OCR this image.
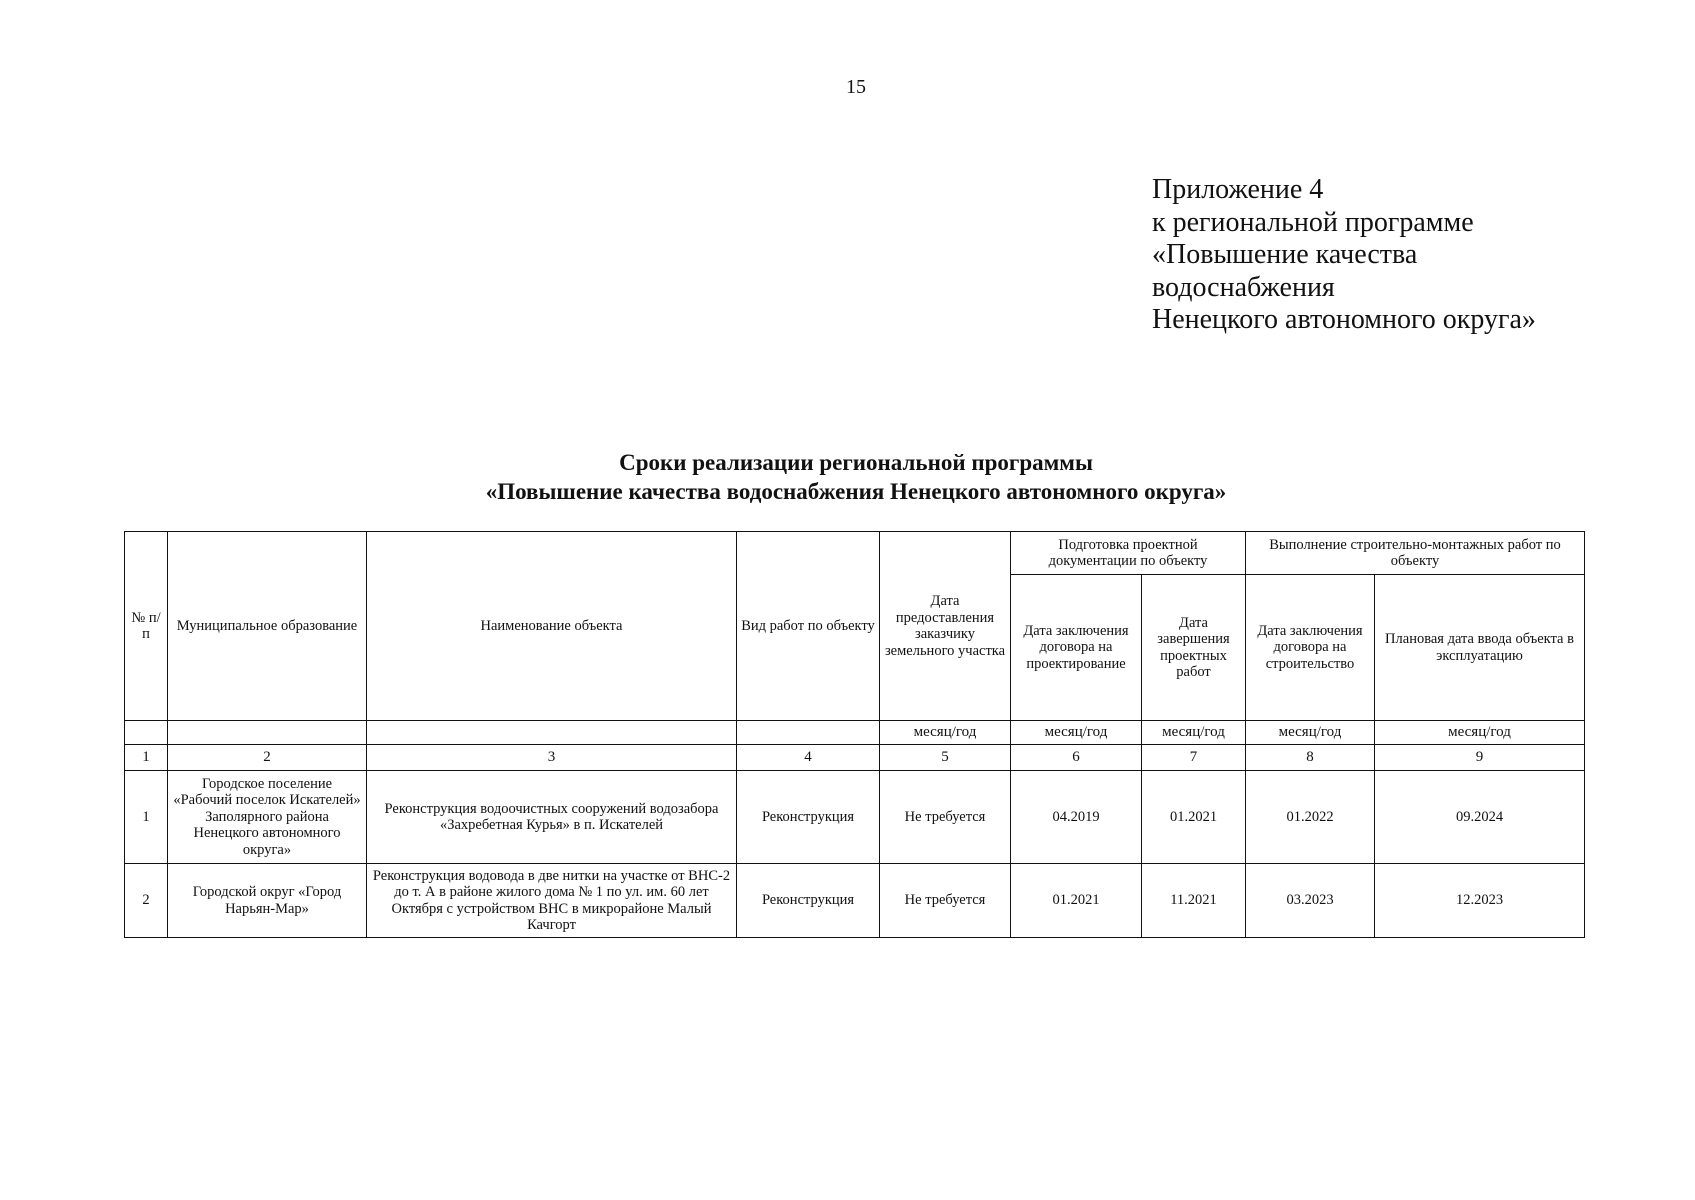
15
Приложение 4
к региональной программе
«Повышение качества
водоснабжения
Ненецкого автономного округа»
Сроки реализации региональной программы
«Повышение качества водоснабжения Ненецкого автономного округа»
№ п/п	Муниципальное образование	Наименование объекта	Вид работ по объекту	Дата предоставления заказчику земельного участка	Подготовка проектной документации по объекту		Выполнение строительно-монтажных работ по объекту	
					Дата заключения договора на проектирование	Дата завершения проектных работ	Дата заключения договора на строительство	Плановая дата ввода объекта в эксплуатацию
				месяц/год	месяц/год	месяц/год	месяц/год	месяц/год
1	2	3	4	5	6	7	8	9
1	Городское поселение «Рабочий поселок Искателей» Заполярного района Ненецкого автономного округа»	Реконструкция водоочистных сооружений водозабора «Захребетная Курья» в п. Искателей	Реконструкция	Не требуется	04.2019	01.2021	01.2022	09.2024
2	Городской округ «Город Нарьян-Мар»	Реконструкция водовода в две нитки на участке от ВНС-2 до т. А в районе жилого дома № 1 по ул. им. 60 лет Октября с устройством ВНС в микрорайоне Малый Качгорт	Реконструкция	Не требуется	01.2021	11.2021	03.2023	12.2023
